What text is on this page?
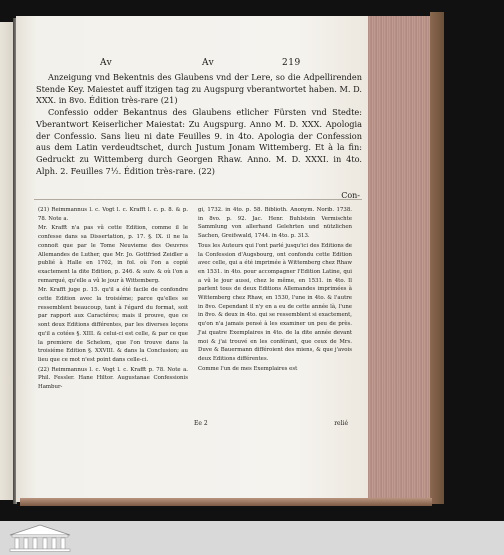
Av	Av	219

Anzeigung vnd Bekentnis des Glaubens vnd der Lere, so die Adpellirenden Stende Key. Maiestet auff itzigen tag zu Augspurg vberantwortet haben. M. D. XXX. in 8vo. Édition très-rare (21)

Confessio odder Bekantnus des Glaubens etlicher Fürsten vnd Stedte: Vberantwort Keiserlicher Maiestat: Zu Augspurg. Anno M. D. XXX. Apologia der Confessio. Sans lieu ni date Feuilles 9. in 4to. Apologia der Confession aus dem Latin verdeudtschet, durch Justum Jonam Wittemberg. Et à la fin: Gedruckt zu Wittemberg durch Georgen Rhaw. Anno. M. D. XXXI. in 4to. Alph. 2. Feuilles 7½. Édition très-rare. (22)

Con-

(21) Reimmannus l. c. Vogt l. c. Krafft l. c. p. 8. & p. 78. Note a.

Mr. Krafft n'a pas vû cette Edition, comme il le confesse dans sa Dissertation, p. 17. §. IX. il ne la connoit que par le Tome Neuvieme des Oeuvres Allemandes de Luther, que Mr. Jo. Gottfried Zeidler a publié à Halle en 1702, in fol. où l'on a copié exactement la dite Edition, p. 246. & suiv. & où l'on a remarqué, qu'elle a vû le jour à Wittemberg.

Mr. Krafft juge p. 15. qu'il a été facile de confondre cette Edition avec la troisiéme; parce qu'elles se ressemblent beaucoup, tant à l'égard du format, soit par rapport aux Caractéres; mais il prouve, que ce sont deux Editions différentes, par les diverses leçons qu'il a cotées §. XIII. & celui-ci est celle, & par ce que la premiere de Schelom, que l'on trouve dans la troisiéme Edition §. XXVIII. & dans la Conclusion; au lieu que ce mot n'est point dans celle-ci.

(22) Reimmannus l. c. Vogt l. c. Krafft p. 78. Note a. Phil. Fessler. Hane Hiltor. Augustanae Confessionis Hambur-

gi, 1732. in 4to. p. 58. Biblioth. Anonym. Norib. 1738. in 8vo. p. 92. Jac. Henr. Buhlstein Vermischte Sammlung von allerhand Gelehrten und nützlichen Sachen, Greifswald, 1744. in 4to. p. 313.

Tous les Auteurs qui l'ont parlé jusqu'ici des Editions de la Confession d'Augsbourg, ont confondu cette Edition avec celle, qui a été imprimée à Wittemberg chez Rhaw en 1531. in 4to. pour accompagner l'Edition Latine, qui a vû le jour aussi, chez le même, en 1531. in 4to. Il parlent tous de deux Editions Allemandes imprimées à Wittemberg chez Rhaw, en 1530, l'une in 4to. & l'autre in 8vo. Cependant il n'y en a eu de cette année là, l'une in 8vo. & deux in 4to. qui se ressemblent si exactement, qu'on n'a jamais pensé à les examiner un peu de près. J'ai quatre Exemplaires in 4to. de la dite année devant moi & j'ai trouvé en les conférant, que ceux de Mrs. Duve & Bauermann différoient des miens, & que j'avois deux Editions différentes.

Comme l'un de mes Exemplaires est

Ee 2	relié
